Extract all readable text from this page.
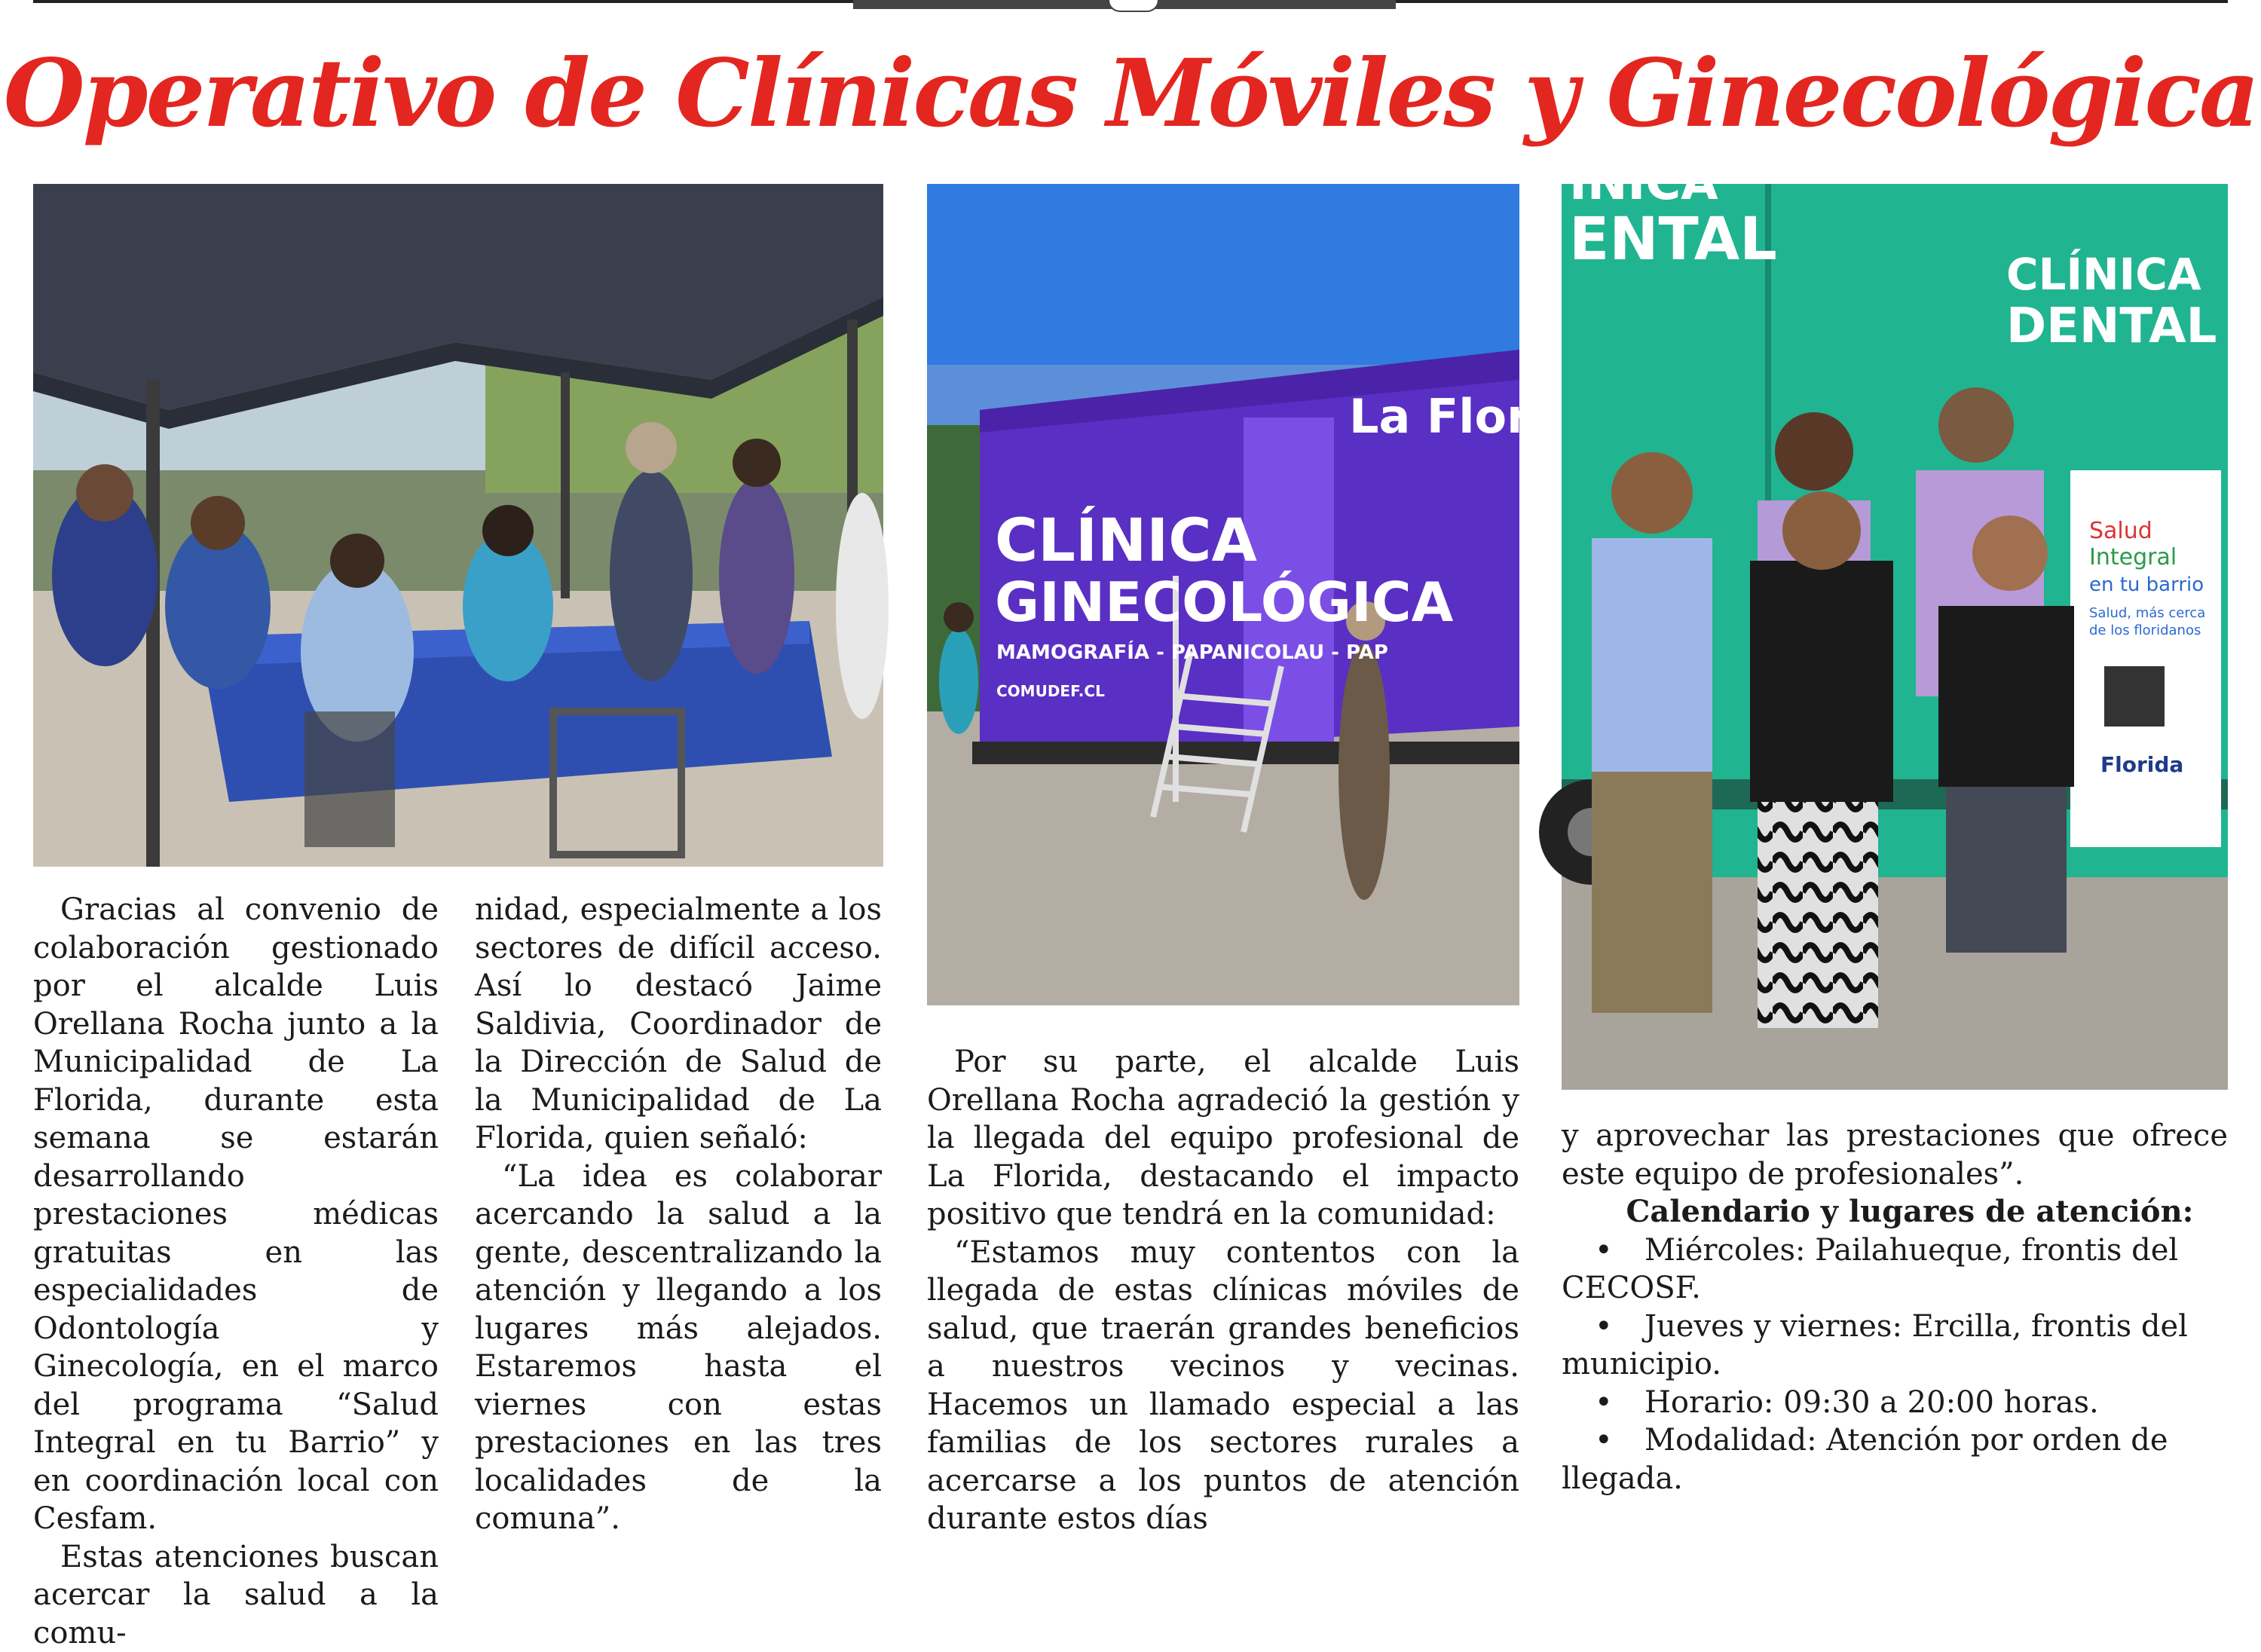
Operativo de Clínicas Móviles y Ginecológica
La Flor
CLÍNICA
GINECOLÓGICA
MAMOGRAFÍA - PAPANICOLAU - PAP
COMUDEF.CL
ÍNICA
ENTAL
CLÍNICA
DENTAL
Salud
Integral
en tu barrio
Salud, más cerca
de los floridanos
Florida

Gracias al convenio de colaboración gestionado por el alcalde Luis Orellana Rocha junto a la Municipalidad de La Florida, durante esta semana se estarán desarrollando prestaciones médicas gratuitas en las especialidades de Odontología y Ginecología, en el marco del programa “Salud Integral en tu Barrio” y en coordinación local con Cesfam.

Estas atenciones buscan acercar la salud a la comu-

nidad, especialmente a los sectores de difícil acceso. Así lo destacó Jaime Saldivia, Coordinador de la Dirección de Salud de la Municipalidad de La Florida, quien señaló:

“La idea es colaborar acercando la salud a la gente, descentralizando la atención y llegando a los lugares más alejados. Estaremos hasta el viernes con estas prestaciones en las tres localidades de la comuna”.

Por su parte, el alcalde Luis Orellana Rocha agradeció la gestión y la llegada del equipo profesional de La Florida, destacando el impacto positivo que tendrá en la comunidad:

“Estamos muy contentos con la llegada de estas clínicas móviles de salud, que traerán grandes beneficios a nuestros vecinos y vecinas. Hacemos un llamado especial a las familias de los sectores rurales a acercarse a los puntos de atención durante estos días

y aprovechar las prestaciones que ofrece este equipo de profesionales”.

Calendario y lugares de atención:

•	Miércoles: Pailahueque, frontis del

CECOSF.

•	Jueves y viernes: Ercilla, frontis del

municipio.

•	Horario: 09:30 a 20:00 horas.
•	Modalidad: Atención por orden de

llegada.
